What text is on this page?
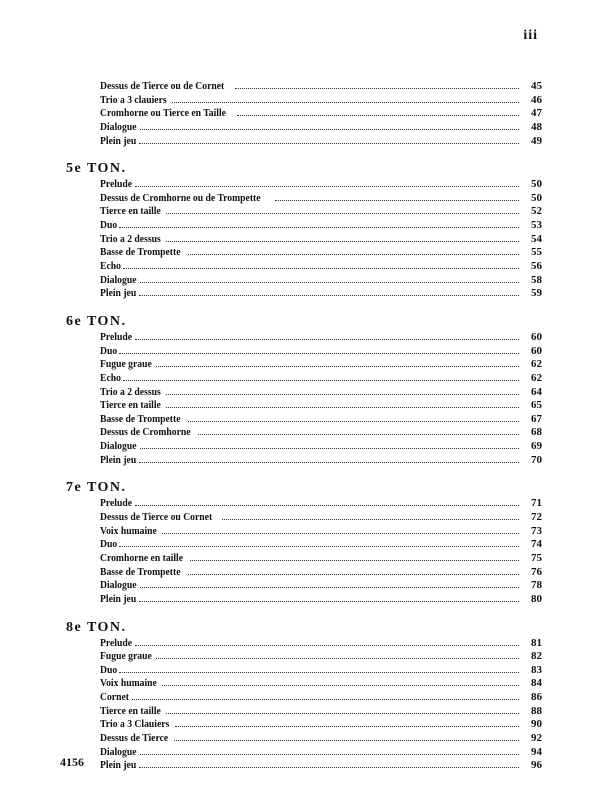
iii
Dessus de Tierce ou de Cornet	45
Trio a 3 clauiers	46
Cromhorne ou Tierce en Taille	47
Dialogue	48
Plein jeu	49
5e TON.
Prelude	50
Dessus de Cromhorne ou de Trompette	50
Tierce en taille	52
Duo	53
Trio a 2 dessus	54
Basse de Trompette	55
Echo	56
Dialogue	58
Plein jeu	59
6e TON.
Prelude	60
Duo	60
Fugue graue	62
Echo	62
Trio a 2 dessus	64
Tierce en taille	65
Basse de Trompette	67
Dessus de Cromhorne	68
Dialogue	69
Plein jeu	70
7e TON.
Prelude	71
Dessus de Tierce ou Cornet	72
Voix humaine	73
Duo	74
Cromhorne en taille	75
Basse de Trompette	76
Dialogue	78
Plein jeu	80
8e TON.
Prelude	81
Fugue graue	82
Duo	83
Voix humaine	84
Cornet	86
Tierce en taille	88
Trio a 3 Clauiers	90
Dessus de Tierce	92
Dialogue	94
Plein jeu	96
4156
